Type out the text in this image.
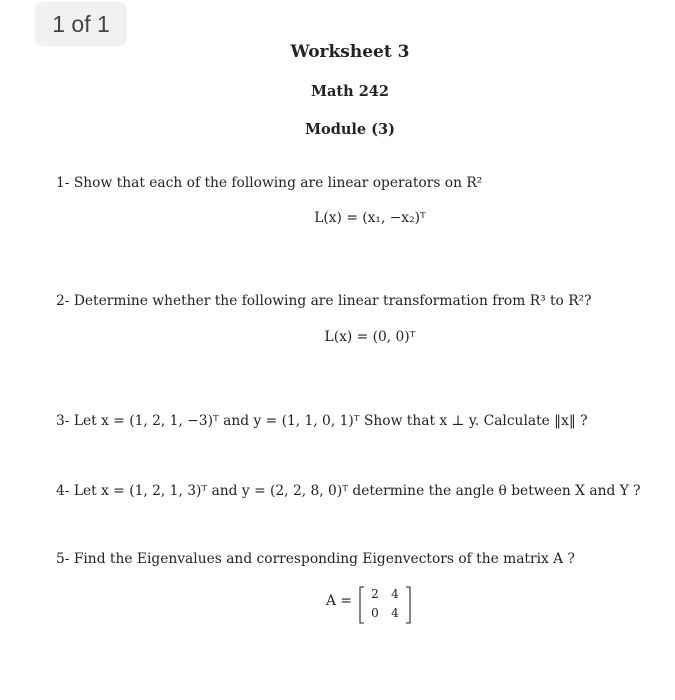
1 of 1
Worksheet 3
Math 242
Module (3)
1- Show that each of the following are linear operators on R²
L(x) = (x₁, −x₂)ᵀ
2- Determine whether the following are linear transformation from R³ to R²?
L(x) = (0, 0)ᵀ
3- Let x = (1, 2, 1, −3)ᵀ and y = (1, 1, 0, 1)ᵀ Show that x ⊥ y. Calculate ‖x‖ ?
4- Let x = (1, 2, 1, 3)ᵀ and y = (2, 2, 8, 0)ᵀ determine the angle θ between X and Y ?
5- Find the Eigenvalues and corresponding Eigenvectors of the matrix A ?
A = 2 4
0 4
